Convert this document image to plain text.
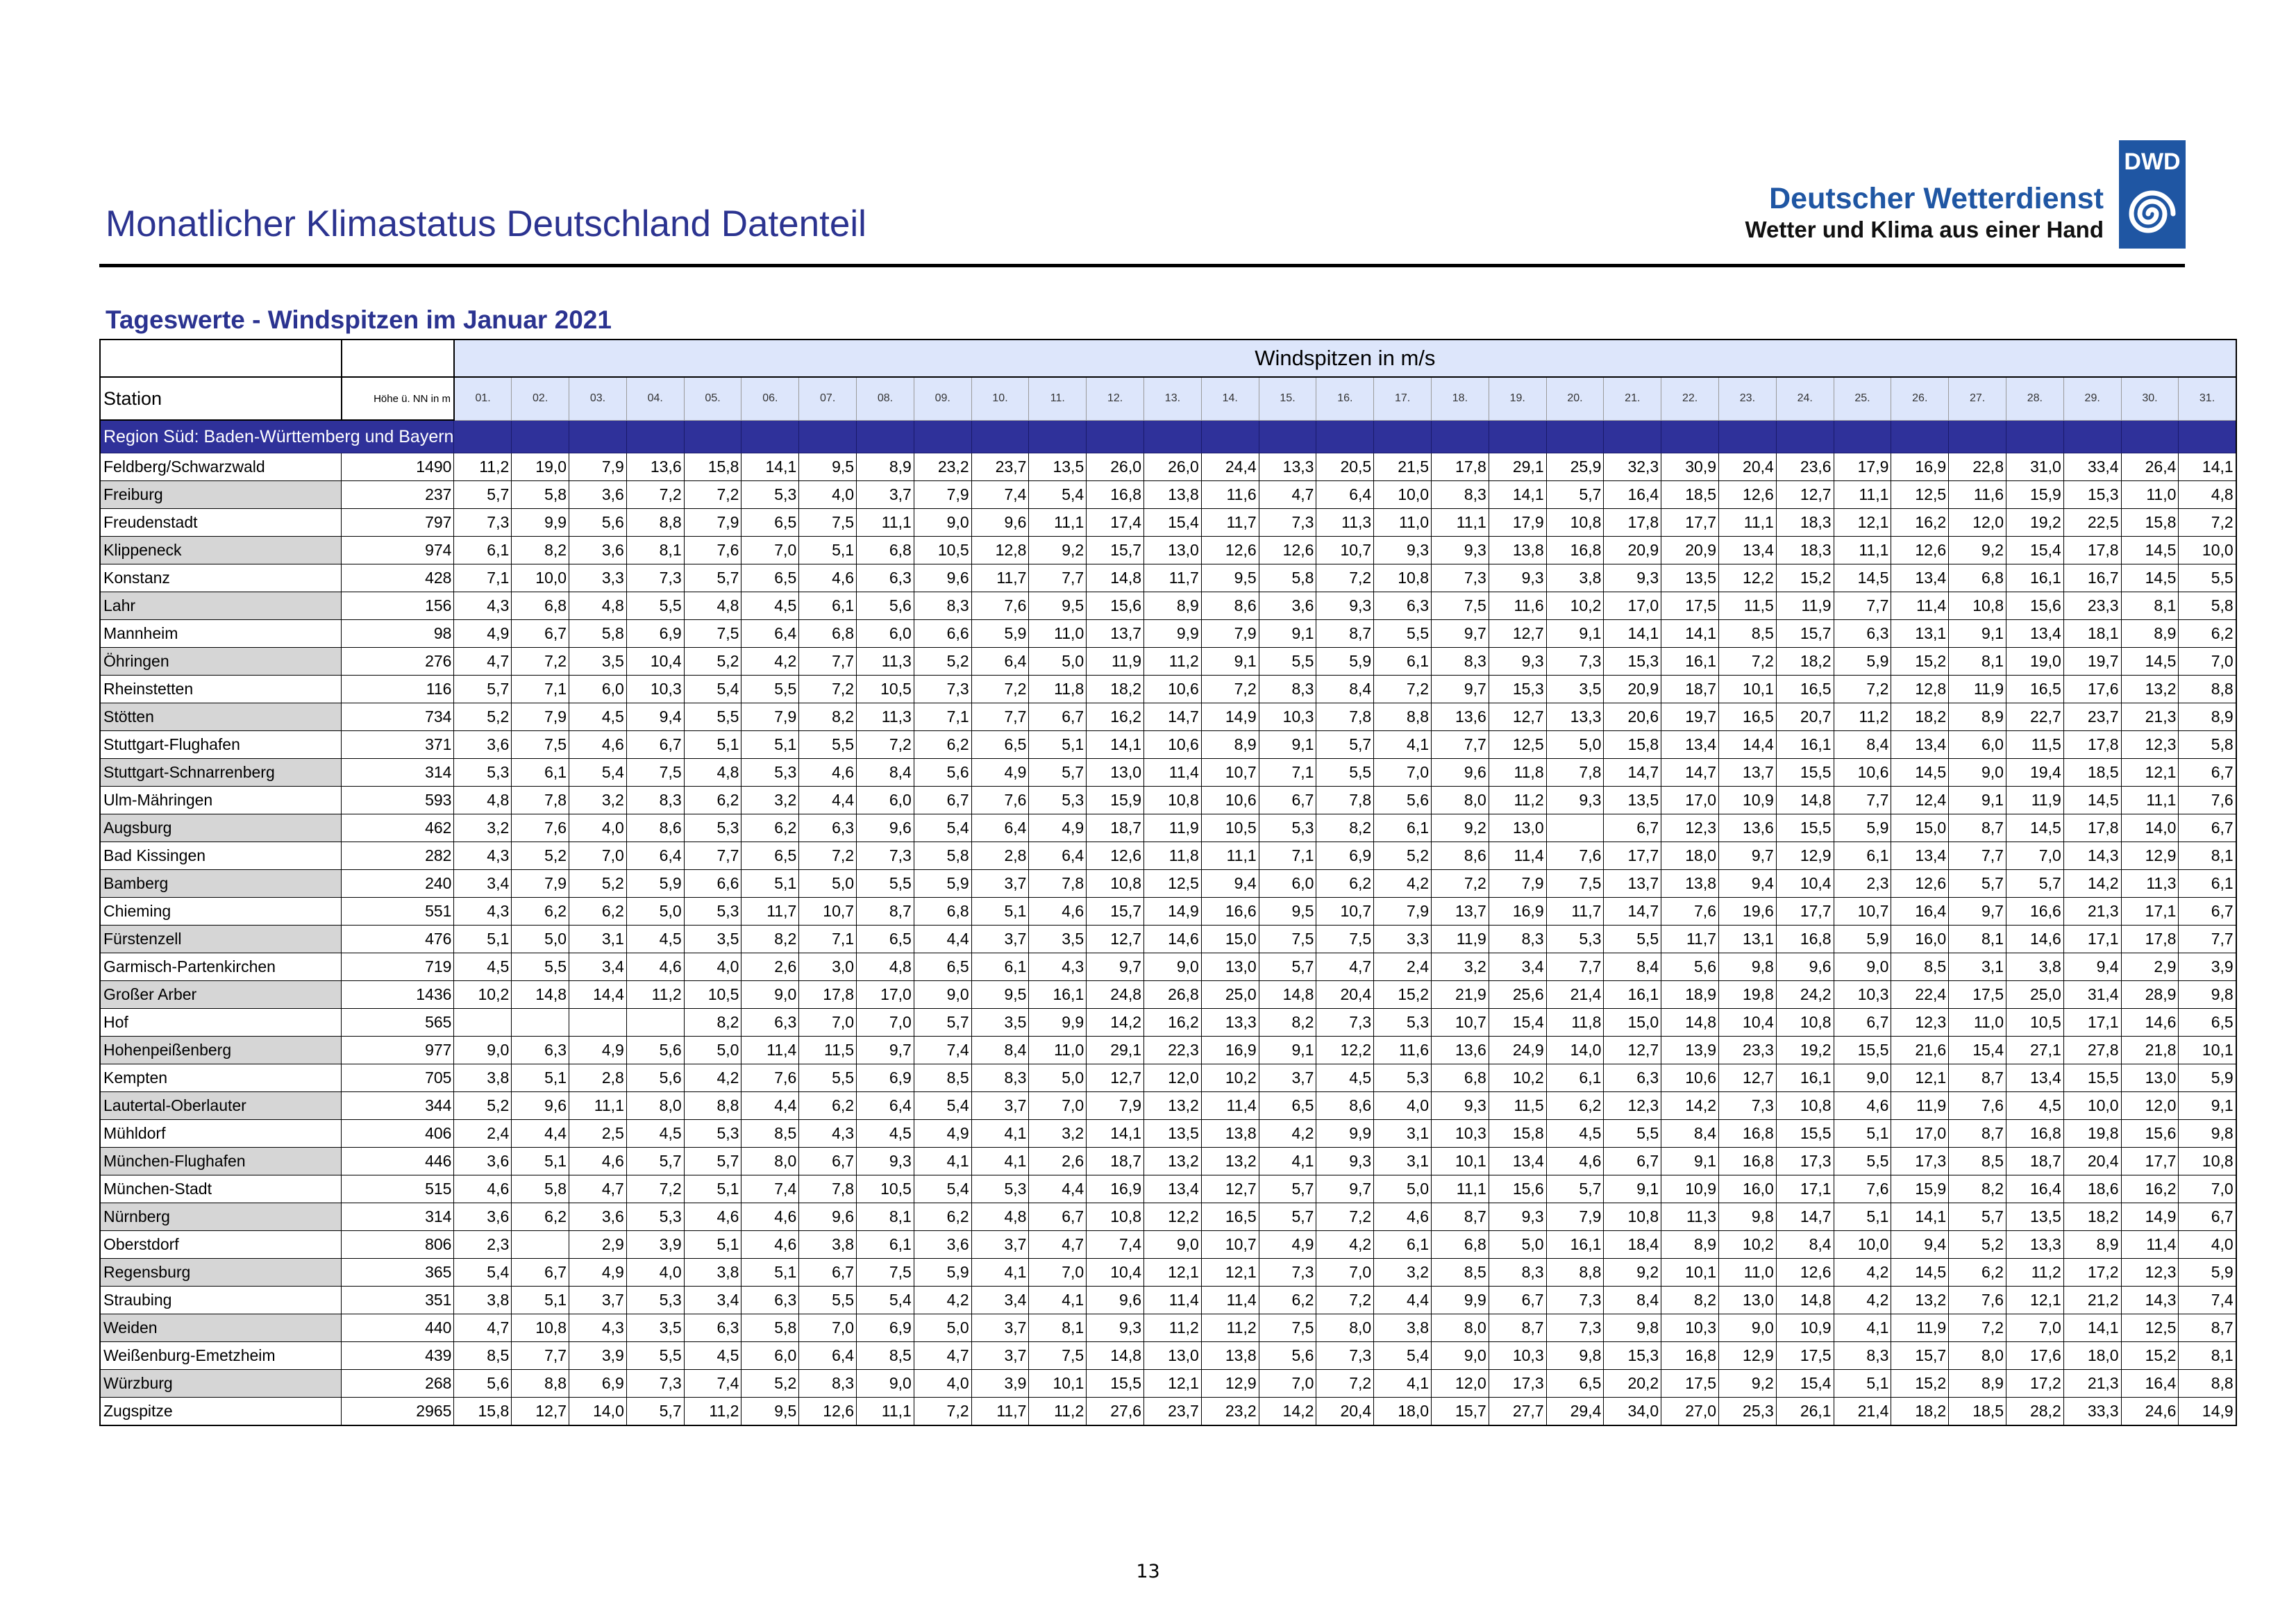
Monatlicher Klimastatus Deutschland Datenteil
Deutscher Wetterdienst
Wetter und Klima aus einer Hand
DWD
Tageswerte - Windspitzen im Januar 2021
		Windspitzen in m/s																														
Station	Höhe ü. NN in m	01.	02.	03.	04.	05.	06.	07.	08.	09.	10.	11.	12.	13.	14.	15.	16.	17.	18.	19.	20.	21.	22.	23.	24.	25.	26.	27.	28.	29.	30.	31.
Region Süd: Baden-Württemberg und Bayern																																
Feldberg/Schwarzwald	1490	11,2	19,0	7,9	13,6	15,8	14,1	9,5	8,9	23,2	23,7	13,5	26,0	26,0	24,4	13,3	20,5	21,5	17,8	29,1	25,9	32,3	30,9	20,4	23,6	17,9	16,9	22,8	31,0	33,4	26,4	14,1
Freiburg	237	5,7	5,8	3,6	7,2	7,2	5,3	4,0	3,7	7,9	7,4	5,4	16,8	13,8	11,6	4,7	6,4	10,0	8,3	14,1	5,7	16,4	18,5	12,6	12,7	11,1	12,5	11,6	15,9	15,3	11,0	4,8
Freudenstadt	797	7,3	9,9	5,6	8,8	7,9	6,5	7,5	11,1	9,0	9,6	11,1	17,4	15,4	11,7	7,3	11,3	11,0	11,1	17,9	10,8	17,8	17,7	11,1	18,3	12,1	16,2	12,0	19,2	22,5	15,8	7,2
Klippeneck	974	6,1	8,2	3,6	8,1	7,6	7,0	5,1	6,8	10,5	12,8	9,2	15,7	13,0	12,6	12,6	10,7	9,3	9,3	13,8	16,8	20,9	20,9	13,4	18,3	11,1	12,6	9,2	15,4	17,8	14,5	10,0
Konstanz	428	7,1	10,0	3,3	7,3	5,7	6,5	4,6	6,3	9,6	11,7	7,7	14,8	11,7	9,5	5,8	7,2	10,8	7,3	9,3	3,8	9,3	13,5	12,2	15,2	14,5	13,4	6,8	16,1	16,7	14,5	5,5
Lahr	156	4,3	6,8	4,8	5,5	4,8	4,5	6,1	5,6	8,3	7,6	9,5	15,6	8,9	8,6	3,6	9,3	6,3	7,5	11,6	10,2	17,0	17,5	11,5	11,9	7,7	11,4	10,8	15,6	23,3	8,1	5,8
Mannheim	98	4,9	6,7	5,8	6,9	7,5	6,4	6,8	6,0	6,6	5,9	11,0	13,7	9,9	7,9	9,1	8,7	5,5	9,7	12,7	9,1	14,1	14,1	8,5	15,7	6,3	13,1	9,1	13,4	18,1	8,9	6,2
Öhringen	276	4,7	7,2	3,5	10,4	5,2	4,2	7,7	11,3	5,2	6,4	5,0	11,9	11,2	9,1	5,5	5,9	6,1	8,3	9,3	7,3	15,3	16,1	7,2	18,2	5,9	15,2	8,1	19,0	19,7	14,5	7,0
Rheinstetten	116	5,7	7,1	6,0	10,3	5,4	5,5	7,2	10,5	7,3	7,2	11,8	18,2	10,6	7,2	8,3	8,4	7,2	9,7	15,3	3,5	20,9	18,7	10,1	16,5	7,2	12,8	11,9	16,5	17,6	13,2	8,8
Stötten	734	5,2	7,9	4,5	9,4	5,5	7,9	8,2	11,3	7,1	7,7	6,7	16,2	14,7	14,9	10,3	7,8	8,8	13,6	12,7	13,3	20,6	19,7	16,5	20,7	11,2	18,2	8,9	22,7	23,7	21,3	8,9
Stuttgart-Flughafen	371	3,6	7,5	4,6	6,7	5,1	5,1	5,5	7,2	6,2	6,5	5,1	14,1	10,6	8,9	9,1	5,7	4,1	7,7	12,5	5,0	15,8	13,4	14,4	16,1	8,4	13,4	6,0	11,5	17,8	12,3	5,8
Stuttgart-Schnarrenberg	314	5,3	6,1	5,4	7,5	4,8	5,3	4,6	8,4	5,6	4,9	5,7	13,0	11,4	10,7	7,1	5,5	7,0	9,6	11,8	7,8	14,7	14,7	13,7	15,5	10,6	14,5	9,0	19,4	18,5	12,1	6,7
Ulm-Mähringen	593	4,8	7,8	3,2	8,3	6,2	3,2	4,4	6,0	6,7	7,6	5,3	15,9	10,8	10,6	6,7	7,8	5,6	8,0	11,2	9,3	13,5	17,0	10,9	14,8	7,7	12,4	9,1	11,9	14,5	11,1	7,6
Augsburg	462	3,2	7,6	4,0	8,6	5,3	6,2	6,3	9,6	5,4	6,4	4,9	18,7	11,9	10,5	5,3	8,2	6,1	9,2	13,0		6,7	12,3	13,6	15,5	5,9	15,0	8,7	14,5	17,8	14,0	6,7
Bad Kissingen	282	4,3	5,2	7,0	6,4	7,7	6,5	7,2	7,3	5,8	2,8	6,4	12,6	11,8	11,1	7,1	6,9	5,2	8,6	11,4	7,6	17,7	18,0	9,7	12,9	6,1	13,4	7,7	7,0	14,3	12,9	8,1
Bamberg	240	3,4	7,9	5,2	5,9	6,6	5,1	5,0	5,5	5,9	3,7	7,8	10,8	12,5	9,4	6,0	6,2	4,2	7,2	7,9	7,5	13,7	13,8	9,4	10,4	2,3	12,6	5,7	5,7	14,2	11,3	6,1
Chieming	551	4,3	6,2	6,2	5,0	5,3	11,7	10,7	8,7	6,8	5,1	4,6	15,7	14,9	16,6	9,5	10,7	7,9	13,7	16,9	11,7	14,7	7,6	19,6	17,7	10,7	16,4	9,7	16,6	21,3	17,1	6,7
Fürstenzell	476	5,1	5,0	3,1	4,5	3,5	8,2	7,1	6,5	4,4	3,7	3,5	12,7	14,6	15,0	7,5	7,5	3,3	11,9	8,3	5,3	5,5	11,7	13,1	16,8	5,9	16,0	8,1	14,6	17,1	17,8	7,7
Garmisch-Partenkirchen	719	4,5	5,5	3,4	4,6	4,0	2,6	3,0	4,8	6,5	6,1	4,3	9,7	9,0	13,0	5,7	4,7	2,4	3,2	3,4	7,7	8,4	5,6	9,8	9,6	9,0	8,5	3,1	3,8	9,4	2,9	3,9
Großer Arber	1436	10,2	14,8	14,4	11,2	10,5	9,0	17,8	17,0	9,0	9,5	16,1	24,8	26,8	25,0	14,8	20,4	15,2	21,9	25,6	21,4	16,1	18,9	19,8	24,2	10,3	22,4	17,5	25,0	31,4	28,9	9,8
Hof	565					8,2	6,3	7,0	7,0	5,7	3,5	9,9	14,2	16,2	13,3	8,2	7,3	5,3	10,7	15,4	11,8	15,0	14,8	10,4	10,8	6,7	12,3	11,0	10,5	17,1	14,6	6,5
Hohenpeißenberg	977	9,0	6,3	4,9	5,6	5,0	11,4	11,5	9,7	7,4	8,4	11,0	29,1	22,3	16,9	9,1	12,2	11,6	13,6	24,9	14,0	12,7	13,9	23,3	19,2	15,5	21,6	15,4	27,1	27,8	21,8	10,1
Kempten	705	3,8	5,1	2,8	5,6	4,2	7,6	5,5	6,9	8,5	8,3	5,0	12,7	12,0	10,2	3,7	4,5	5,3	6,8	10,2	6,1	6,3	10,6	12,7	16,1	9,0	12,1	8,7	13,4	15,5	13,0	5,9
Lautertal-Oberlauter	344	5,2	9,6	11,1	8,0	8,8	4,4	6,2	6,4	5,4	3,7	7,0	7,9	13,2	11,4	6,5	8,6	4,0	9,3	11,5	6,2	12,3	14,2	7,3	10,8	4,6	11,9	7,6	4,5	10,0	12,0	9,1
Mühldorf	406	2,4	4,4	2,5	4,5	5,3	8,5	4,3	4,5	4,9	4,1	3,2	14,1	13,5	13,8	4,2	9,9	3,1	10,3	15,8	4,5	5,5	8,4	16,8	15,5	5,1	17,0	8,7	16,8	19,8	15,6	9,8
München-Flughafen	446	3,6	5,1	4,6	5,7	5,7	8,0	6,7	9,3	4,1	4,1	2,6	18,7	13,2	13,2	4,1	9,3	3,1	10,1	13,4	4,6	6,7	9,1	16,8	17,3	5,5	17,3	8,5	18,7	20,4	17,7	10,8
München-Stadt	515	4,6	5,8	4,7	7,2	5,1	7,4	7,8	10,5	5,4	5,3	4,4	16,9	13,4	12,7	5,7	9,7	5,0	11,1	15,6	5,7	9,1	10,9	16,0	17,1	7,6	15,9	8,2	16,4	18,6	16,2	7,0
Nürnberg	314	3,6	6,2	3,6	5,3	4,6	4,6	9,6	8,1	6,2	4,8	6,7	10,8	12,2	16,5	5,7	7,2	4,6	8,7	9,3	7,9	10,8	11,3	9,8	14,7	5,1	14,1	5,7	13,5	18,2	14,9	6,7
Oberstdorf	806	2,3		2,9	3,9	5,1	4,6	3,8	6,1	3,6	3,7	4,7	7,4	9,0	10,7	4,9	4,2	6,1	6,8	5,0	16,1	18,4	8,9	10,2	8,4	10,0	9,4	5,2	13,3	8,9	11,4	4,0
Regensburg	365	5,4	6,7	4,9	4,0	3,8	5,1	6,7	7,5	5,9	4,1	7,0	10,4	12,1	12,1	7,3	7,0	3,2	8,5	8,3	8,8	9,2	10,1	11,0	12,6	4,2	14,5	6,2	11,2	17,2	12,3	5,9
Straubing	351	3,8	5,1	3,7	5,3	3,4	6,3	5,5	5,4	4,2	3,4	4,1	9,6	11,4	11,4	6,2	7,2	4,4	9,9	6,7	7,3	8,4	8,2	13,0	14,8	4,2	13,2	7,6	12,1	21,2	14,3	7,4
Weiden	440	4,7	10,8	4,3	3,5	6,3	5,8	7,0	6,9	5,0	3,7	8,1	9,3	11,2	11,2	7,5	8,0	3,8	8,0	8,7	7,3	9,8	10,3	9,0	10,9	4,1	11,9	7,2	7,0	14,1	12,5	8,7
Weißenburg-Emetzheim	439	8,5	7,7	3,9	5,5	4,5	6,0	6,4	8,5	4,7	3,7	7,5	14,8	13,0	13,8	5,6	7,3	5,4	9,0	10,3	9,8	15,3	16,8	12,9	17,5	8,3	15,7	8,0	17,6	18,0	15,2	8,1
Würzburg	268	5,6	8,8	6,9	7,3	7,4	5,2	8,3	9,0	4,0	3,9	10,1	15,5	12,1	12,9	7,0	7,2	4,1	12,0	17,3	6,5	20,2	17,5	9,2	15,4	5,1	15,2	8,9	17,2	21,3	16,4	8,8
Zugspitze	2965	15,8	12,7	14,0	5,7	11,2	9,5	12,6	11,1	7,2	11,7	11,2	27,6	23,7	23,2	14,2	20,4	18,0	15,7	27,7	29,4	34,0	27,0	25,3	26,1	21,4	18,2	18,5	28,2	33,3	24,6	14,9
13
